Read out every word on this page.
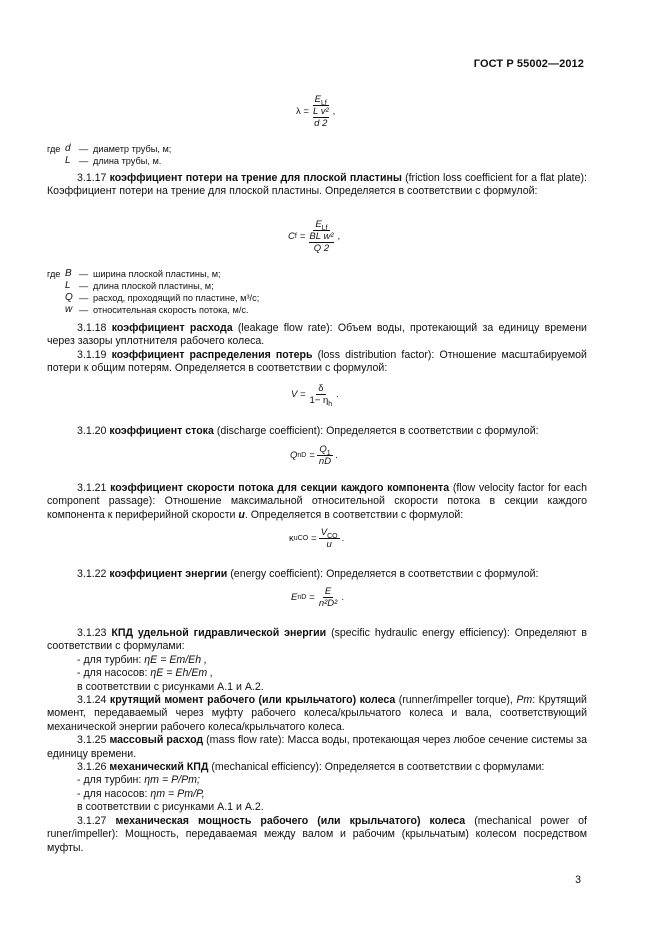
ГОСТ Р 55002—2012
$\lambda = E_{Lf}$
L v²
d 2 ,
где d — диаметр трубы, м;
L — длина трубы, м.

3.1.17 коэффициент потери на трение для плоской пластины (friction loss coefficient for a flat plate): Коэффициент потери на трение для плоской пластины. Определяется в соответствии с формулой:

C $f = E_{Lf}$
BL w²
Q 2 ,
где B — ширина плоской пластины, м;
L — длина плоской пластины, м;
Q — расход, проходящий по пластине, м³/с;
w — относительная скорость потока, м/с.

3.1.18 коэффициент расхода (leakage flow rate): Объем воды, протекающий за единицу времени через зазоры уплотнителя рабочего колеса.

3.1.19 коэффициент распределения потерь (loss distribution factor): Отношение масштабируемой потери к общим потерям. Определяется в соответствии с формулой:

$V = \frac{\delta}{1- \eta_h}$ .

3.1.20 коэффициент стока (discharge coefficient): Определяется в соответствии с формулой:

Q nD = $\frac{Q_1}{nD}$ .

3.1.21 коэффициент скорости потока для секции каждого компонента (flow velocity factor for each component passage): Отношение максимальной относительной скорости потока в секции каждого компонента к периферийной скорости u. Определяется в соответствии с формулой:

κ uCO = $\frac{V_{CO}}{u}$ .

3.1.22 коэффициент энергии (energy coefficient): Определяется в соответствии с формулой:

E nD = $\frac{E}{\text{n²D²}}$ .

3.1.23 КПД удельной гидравлической энергии (specific hydraulic energy efficiency): Определяют в соответствии с формулами:

- для турбин: ηE = Em/Eh ,

- для насосов: ηE = Eh/Em ,

в соответствии с рисунками А.1 и А.2.

3.1.24 крутящий момент рабочего (или крыльчатого) колеса (runner/impeller torque), Pm: Крутящий момент, передаваемый через муфту рабочего колеса/крыльчатого колеса и вала, соответствующий механической энергии рабочего колеса/крыльчатого колеса.

3.1.25 массовый расход (mass flow rate): Масса воды, протекающая через любое сечение системы за единицу времени.

3.1.26 механический КПД (mechanical efficiency): Определяется в соответствии с формулами:

- для турбин: ηm = P/Pm;

- для насосов: ηm = Pm/P,

в соответствии с рисунками А.1 и А.2.

3.1.27 механическая мощность рабочего (или крыльчатого) колеса (mechanical power of runer/impeller): Мощность, передаваемая между валом и рабочим (крыльчатым) колесом посредством муфты.

3
